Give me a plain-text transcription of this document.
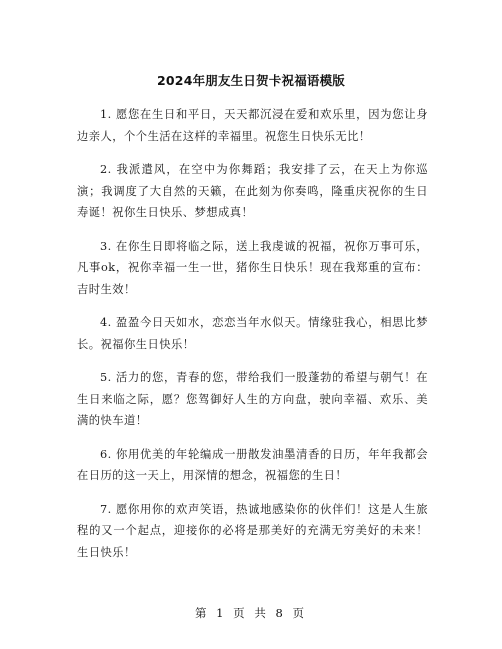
2024年朋友生日贺卡祝福语模版

1. 愿您在生日和平日，天天都沉浸在爱和欢乐里，因为您让身边亲人，个个生活在这样的幸福里。祝您生日快乐无比！

2. 我派遣风，在空中为你舞蹈；我安排了云，在天上为你巡演；我调度了大自然的天籁，在此刻为你奏鸣，隆重庆祝你的生日寿诞！祝你生日快乐、梦想成真！

3. 在你生日即将临之际，送上我虔诚的祝福，祝你万事可乐，凡事ok，祝你幸福一生一世，猪你生日快乐！现在我郑重的宣布：吉时生效！

4. 盈盈今日天如水，恋恋当年水似天。情缘驻我心，相思比梦长。祝福你生日快乐！

5. 活力的您，青春的您，带给我们一股蓬勃的希望与朝气！在生日来临之际，愿？您驾御好人生的方向盘，驶向幸福、欢乐、美满的快车道！

6. 你用优美的年轮编成一册散发油墨清香的日历，年年我都会在日历的这一天上，用深情的想念，祝福您的生日！

7. 愿你用你的欢声笑语，热诚地感染你的伙伴们！这是人生旅程的又一个起点，迎接你的必将是那美好的充满无穷美好的未来！生日快乐！

第 1 页 共 8 页
